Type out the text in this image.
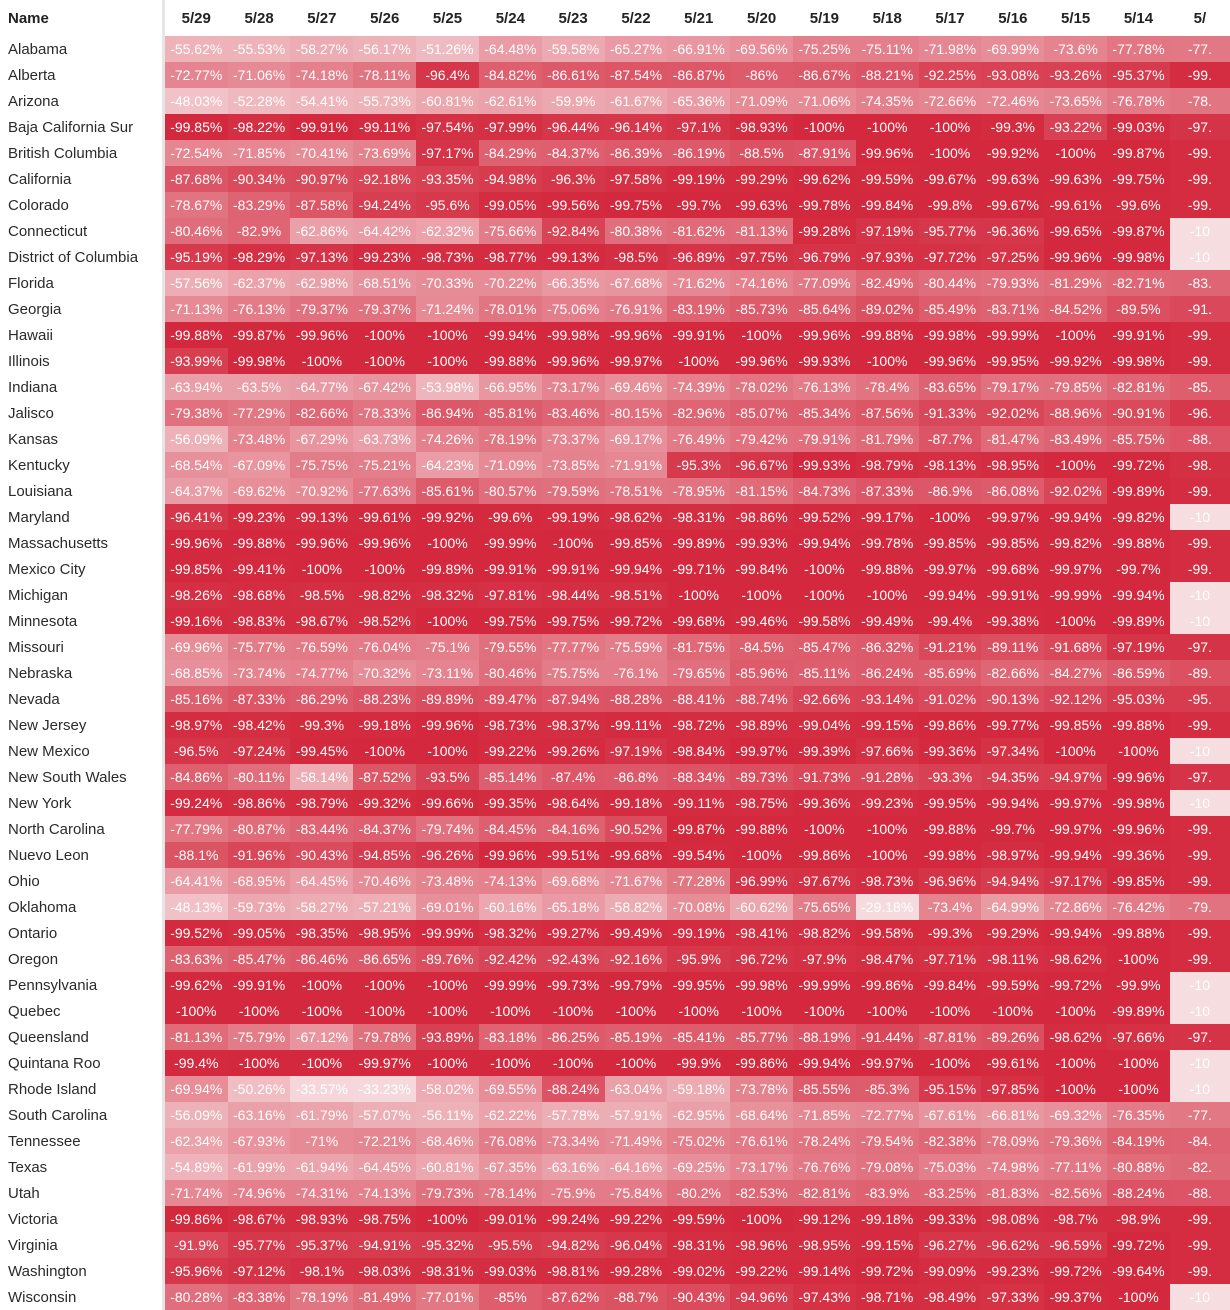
Name	5/29	5/28	5/27	5/26	5/25	5/24	5/23	5/22	5/21	5/20	5/19	5/18	5/17	5/16	5/15	5/14	5/
Alabama	-55.62%	-55.53%	-58.27%	-56.17%	-51.26%	-64.48%	-59.58%	-65.27%	-66.91%	-69.56%	-75.25%	-75.11%	-71.98%	-69.99%	-73.6%	-77.78%	-77.
Alberta	-72.77%	-71.06%	-74.18%	-78.11%	-96.4%	-84.82%	-86.61%	-87.54%	-86.87%	-86%	-86.67%	-88.21%	-92.25%	-93.08%	-93.26%	-95.37%	-99.
Arizona	-48.03%	-52.28%	-54.41%	-55.73%	-60.81%	-62.61%	-59.9%	-61.67%	-65.36%	-71.09%	-71.06%	-74.35%	-72.66%	-72.46%	-73.65%	-76.78%	-78.
Baja California Sur	-99.85%	-98.22%	-99.91%	-99.11%	-97.54%	-97.99%	-96.44%	-96.14%	-97.1%	-98.93%	-100%	-100%	-100%	-99.3%	-93.22%	-99.03%	-97.
British Columbia	-72.54%	-71.85%	-70.41%	-73.69%	-97.17%	-84.29%	-84.37%	-86.39%	-86.19%	-88.5%	-87.91%	-99.96%	-100%	-99.92%	-100%	-99.87%	-99.
California	-87.68%	-90.34%	-90.97%	-92.18%	-93.35%	-94.98%	-96.3%	-97.58%	-99.19%	-99.29%	-99.62%	-99.59%	-99.67%	-99.63%	-99.63%	-99.75%	-99.
Colorado	-78.67%	-83.29%	-87.58%	-94.24%	-95.6%	-99.05%	-99.56%	-99.75%	-99.7%	-99.63%	-99.78%	-99.84%	-99.8%	-99.67%	-99.61%	-99.6%	-99.
Connecticut	-80.46%	-82.9%	-62.86%	-64.42%	-62.32%	-75.66%	-92.84%	-80.38%	-81.62%	-81.13%	-99.28%	-97.19%	-95.77%	-96.36%	-99.65%	-99.87%	-10
District of Columbia	-95.19%	-98.29%	-97.13%	-99.23%	-98.73%	-98.77%	-99.13%	-98.5%	-96.89%	-97.75%	-96.79%	-97.93%	-97.72%	-97.25%	-99.96%	-99.98%	-10
Florida	-57.56%	-62.37%	-62.98%	-68.51%	-70.33%	-70.22%	-66.35%	-67.68%	-71.62%	-74.16%	-77.09%	-82.49%	-80.44%	-79.93%	-81.29%	-82.71%	-83.
Georgia	-71.13%	-76.13%	-79.37%	-79.37%	-71.24%	-78.01%	-75.06%	-76.91%	-83.19%	-85.73%	-85.64%	-89.02%	-85.49%	-83.71%	-84.52%	-89.5%	-91.
Hawaii	-99.88%	-99.87%	-99.96%	-100%	-100%	-99.94%	-99.98%	-99.96%	-99.91%	-100%	-99.96%	-99.88%	-99.98%	-99.99%	-100%	-99.91%	-99.
Illinois	-93.99%	-99.98%	-100%	-100%	-100%	-99.88%	-99.96%	-99.97%	-100%	-99.96%	-99.93%	-100%	-99.96%	-99.95%	-99.92%	-99.98%	-99.
Indiana	-63.94%	-63.5%	-64.77%	-67.42%	-53.98%	-66.95%	-73.17%	-69.46%	-74.39%	-78.02%	-76.13%	-78.4%	-83.65%	-79.17%	-79.85%	-82.81%	-85.
Jalisco	-79.38%	-77.29%	-82.66%	-78.33%	-86.94%	-85.81%	-83.46%	-80.15%	-82.96%	-85.07%	-85.34%	-87.56%	-91.33%	-92.02%	-88.96%	-90.91%	-96.
Kansas	-56.09%	-73.48%	-67.29%	-63.73%	-74.26%	-78.19%	-73.37%	-69.17%	-76.49%	-79.42%	-79.91%	-81.79%	-87.7%	-81.47%	-83.49%	-85.75%	-88.
Kentucky	-68.54%	-67.09%	-75.75%	-75.21%	-64.23%	-71.09%	-73.85%	-71.91%	-95.3%	-96.67%	-99.93%	-98.79%	-98.13%	-98.95%	-100%	-99.72%	-98.
Louisiana	-64.37%	-69.62%	-70.92%	-77.63%	-85.61%	-80.57%	-79.59%	-78.51%	-78.95%	-81.15%	-84.73%	-87.33%	-86.9%	-86.08%	-92.02%	-99.89%	-99.
Maryland	-96.41%	-99.23%	-99.13%	-99.61%	-99.92%	-99.6%	-99.19%	-98.62%	-98.31%	-98.86%	-99.52%	-99.17%	-100%	-99.97%	-99.94%	-99.82%	-10
Massachusetts	-99.96%	-99.88%	-99.96%	-99.96%	-100%	-99.99%	-100%	-99.85%	-99.89%	-99.93%	-99.94%	-99.78%	-99.85%	-99.85%	-99.82%	-99.88%	-99.
Mexico City	-99.85%	-99.41%	-100%	-100%	-99.89%	-99.91%	-99.91%	-99.94%	-99.71%	-99.84%	-100%	-99.88%	-99.97%	-99.68%	-99.97%	-99.7%	-99.
Michigan	-98.26%	-98.68%	-98.5%	-98.82%	-98.32%	-97.81%	-98.44%	-98.51%	-100%	-100%	-100%	-100%	-99.94%	-99.91%	-99.99%	-99.94%	-10
Minnesota	-99.16%	-98.83%	-98.67%	-98.52%	-100%	-99.75%	-99.75%	-99.72%	-99.68%	-99.46%	-99.58%	-99.49%	-99.4%	-99.38%	-100%	-99.89%	-10
Missouri	-69.96%	-75.77%	-76.59%	-76.04%	-75.1%	-79.55%	-77.77%	-75.59%	-81.75%	-84.5%	-85.47%	-86.32%	-91.21%	-89.11%	-91.68%	-97.19%	-97.
Nebraska	-68.85%	-73.74%	-74.77%	-70.32%	-73.11%	-80.46%	-75.75%	-76.1%	-79.65%	-85.96%	-85.11%	-86.24%	-85.69%	-82.66%	-84.27%	-86.59%	-89.
Nevada	-85.16%	-87.33%	-86.29%	-88.23%	-89.89%	-89.47%	-87.94%	-88.28%	-88.41%	-88.74%	-92.66%	-93.14%	-91.02%	-90.13%	-92.12%	-95.03%	-95.
New Jersey	-98.97%	-98.42%	-99.3%	-99.18%	-99.96%	-98.73%	-98.37%	-99.11%	-98.72%	-98.89%	-99.04%	-99.15%	-99.86%	-99.77%	-99.85%	-99.88%	-99.
New Mexico	-96.5%	-97.24%	-99.45%	-100%	-100%	-99.22%	-99.26%	-97.19%	-98.84%	-99.97%	-99.39%	-97.66%	-99.36%	-97.34%	-100%	-100%	-10
New South Wales	-84.86%	-80.11%	-58.14%	-87.52%	-93.5%	-85.14%	-87.4%	-86.8%	-88.34%	-89.73%	-91.73%	-91.28%	-93.3%	-94.35%	-94.97%	-99.96%	-97.
New York	-99.24%	-98.86%	-98.79%	-99.32%	-99.66%	-99.35%	-98.64%	-99.18%	-99.11%	-98.75%	-99.36%	-99.23%	-99.95%	-99.94%	-99.97%	-99.98%	-10
North Carolina	-77.79%	-80.87%	-83.44%	-84.37%	-79.74%	-84.45%	-84.16%	-90.52%	-99.87%	-99.88%	-100%	-100%	-99.88%	-99.7%	-99.97%	-99.96%	-99.
Nuevo Leon	-88.1%	-91.96%	-90.43%	-94.85%	-96.26%	-99.96%	-99.51%	-99.68%	-99.54%	-100%	-99.86%	-100%	-99.98%	-98.97%	-99.94%	-99.36%	-99.
Ohio	-64.41%	-68.95%	-64.45%	-70.46%	-73.48%	-74.13%	-69.68%	-71.67%	-77.28%	-96.99%	-97.67%	-98.73%	-96.96%	-94.94%	-97.17%	-99.85%	-99.
Oklahoma	-48.13%	-59.73%	-58.27%	-57.21%	-69.01%	-60.16%	-65.18%	-58.82%	-70.08%	-60.62%	-75.65%	-29.18%	-73.4%	-64.99%	-72.86%	-76.42%	-79.
Ontario	-99.52%	-99.05%	-98.35%	-98.95%	-99.99%	-98.32%	-99.27%	-99.49%	-99.19%	-98.41%	-98.82%	-99.58%	-99.3%	-99.29%	-99.94%	-99.88%	-99.
Oregon	-83.63%	-85.47%	-86.46%	-86.65%	-89.76%	-92.42%	-92.43%	-92.16%	-95.9%	-96.72%	-97.9%	-98.47%	-97.71%	-98.11%	-98.62%	-100%	-99.
Pennsylvania	-99.62%	-99.91%	-100%	-100%	-100%	-99.99%	-99.73%	-99.79%	-99.95%	-99.98%	-99.99%	-99.86%	-99.84%	-99.59%	-99.72%	-99.9%	-10
Quebec	-100%	-100%	-100%	-100%	-100%	-100%	-100%	-100%	-100%	-100%	-100%	-100%	-100%	-100%	-100%	-99.89%	-10
Queensland	-81.13%	-75.79%	-67.12%	-79.78%	-93.89%	-83.18%	-86.25%	-85.19%	-85.41%	-85.77%	-88.19%	-91.44%	-87.81%	-89.26%	-98.62%	-97.66%	-97.
Quintana Roo	-99.4%	-100%	-100%	-99.97%	-100%	-100%	-100%	-100%	-99.9%	-99.86%	-99.94%	-99.97%	-100%	-99.61%	-100%	-100%	-10
Rhode Island	-69.94%	-50.26%	-33.57%	-33.23%	-58.02%	-69.55%	-88.24%	-63.04%	-59.18%	-73.78%	-85.55%	-85.3%	-95.15%	-97.85%	-100%	-100%	-10
South Carolina	-56.09%	-63.16%	-61.79%	-57.07%	-56.11%	-62.22%	-57.78%	-57.91%	-62.95%	-68.64%	-71.85%	-72.77%	-67.61%	-66.81%	-69.32%	-76.35%	-77.
Tennessee	-62.34%	-67.93%	-71%	-72.21%	-68.46%	-76.08%	-73.34%	-71.49%	-75.02%	-76.61%	-78.24%	-79.54%	-82.38%	-78.09%	-79.36%	-84.19%	-84.
Texas	-54.89%	-61.99%	-61.94%	-64.45%	-60.81%	-67.35%	-63.16%	-64.16%	-69.25%	-73.17%	-76.76%	-79.08%	-75.03%	-74.98%	-77.11%	-80.88%	-82.
Utah	-71.74%	-74.96%	-74.31%	-74.13%	-79.73%	-78.14%	-75.9%	-75.84%	-80.2%	-82.53%	-82.81%	-83.9%	-83.25%	-81.83%	-82.56%	-88.24%	-88.
Victoria	-99.86%	-98.67%	-98.93%	-98.75%	-100%	-99.01%	-99.24%	-99.22%	-99.59%	-100%	-99.12%	-99.18%	-99.33%	-98.08%	-98.7%	-98.9%	-99.
Virginia	-91.9%	-95.77%	-95.37%	-94.91%	-95.32%	-95.5%	-94.82%	-96.04%	-98.31%	-98.96%	-98.95%	-99.15%	-96.27%	-96.62%	-96.59%	-99.72%	-99.
Washington	-95.96%	-97.12%	-98.1%	-98.03%	-98.31%	-99.03%	-98.81%	-99.28%	-99.02%	-99.22%	-99.14%	-99.72%	-99.09%	-99.23%	-99.72%	-99.64%	-99.
Wisconsin	-80.28%	-83.38%	-78.19%	-81.49%	-77.01%	-85%	-87.62%	-88.7%	-90.43%	-94.96%	-97.43%	-98.71%	-98.49%	-97.33%	-99.37%	-100%	-10
